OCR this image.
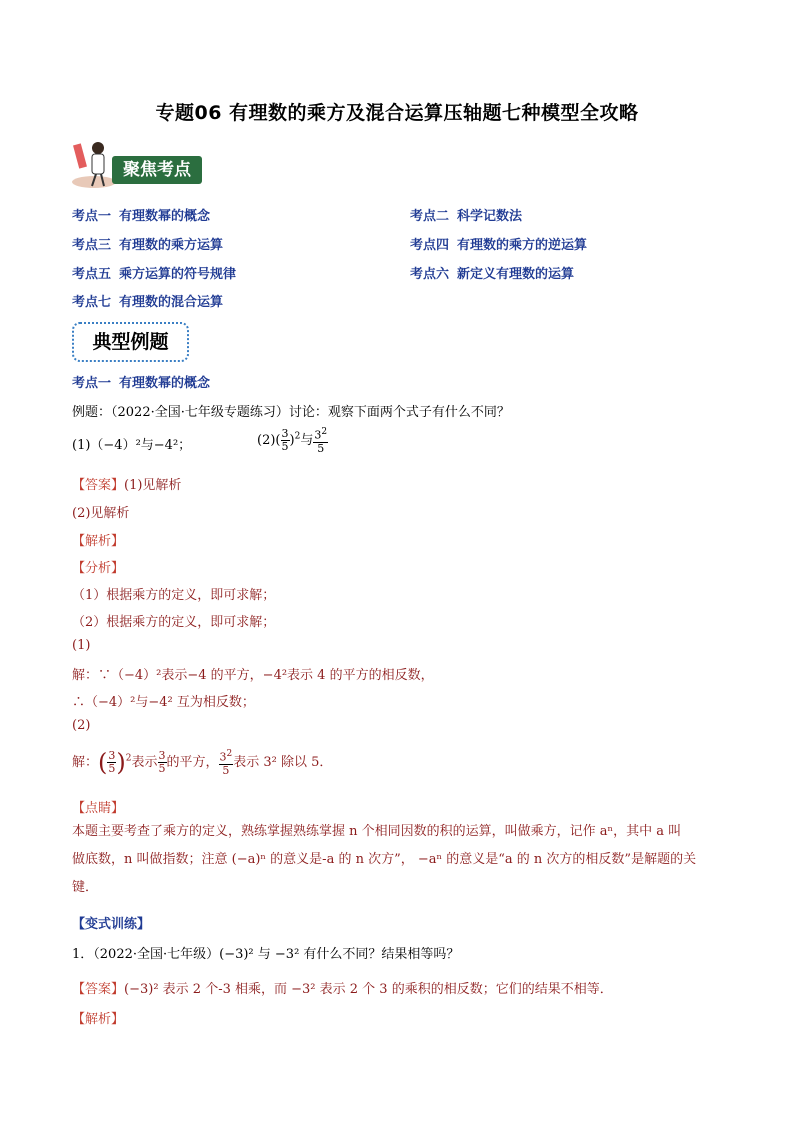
专题06 有理数的乘方及混合运算压轴题七种模型全攻略
聚焦考点
考点一 有理数幂的概念	考点二 科学记数法
考点三 有理数的乘方运算	考点四 有理数的乘方的逆运算
考点五 乘方运算的符号规律	考点六 新定义有理数的运算
考点七 有理数的混合运算
典型例题
考点一 有理数幂的概念
例题：（2022·全国·七年级专题练习）讨论：观察下面两个式子有什么不同？
(1)（−4）²与−4²；	$(2)( \frac{3}{5} )^2$与 $\frac{3^2}{5}$
【答案】(1)见解析
(2)见解析
【解析】
【分析】
（1）根据乘方的定义，即可求解；
（2）根据乘方的定义，即可求解；
(1)
解：∵（−4）²表示−4 的平方，−4²表示 4 的平方的相反数，
∴（−4）²与−4² 互为相反数；
(2)
解：( $\frac{3}{5} )^2$表示 $\frac{3}{5}$ 的平方， $\frac{3^2}{5}$ 表示 3² 除以 5．
【点睛】
本题主要考查了乘方的定义，熟练掌握熟练掌握 n 个相同因数的积的运算，叫做乘方，记作 aⁿ，其中 a 叫
做底数，n 叫做指数；注意 (−a)ⁿ 的意义是-a 的 n 次方”， −aⁿ 的意义是“a 的 n 次方的相反数”是解题的关
键．
【变式训练】
1．（2022·全国·七年级）(−3)² 与 −3² 有什么不同？结果相等吗？
【答案】(−3)² 表示 2 个-3 相乘，而 −3² 表示 2 个 3 的乘积的相反数；它们的结果不相等．
【解析】
